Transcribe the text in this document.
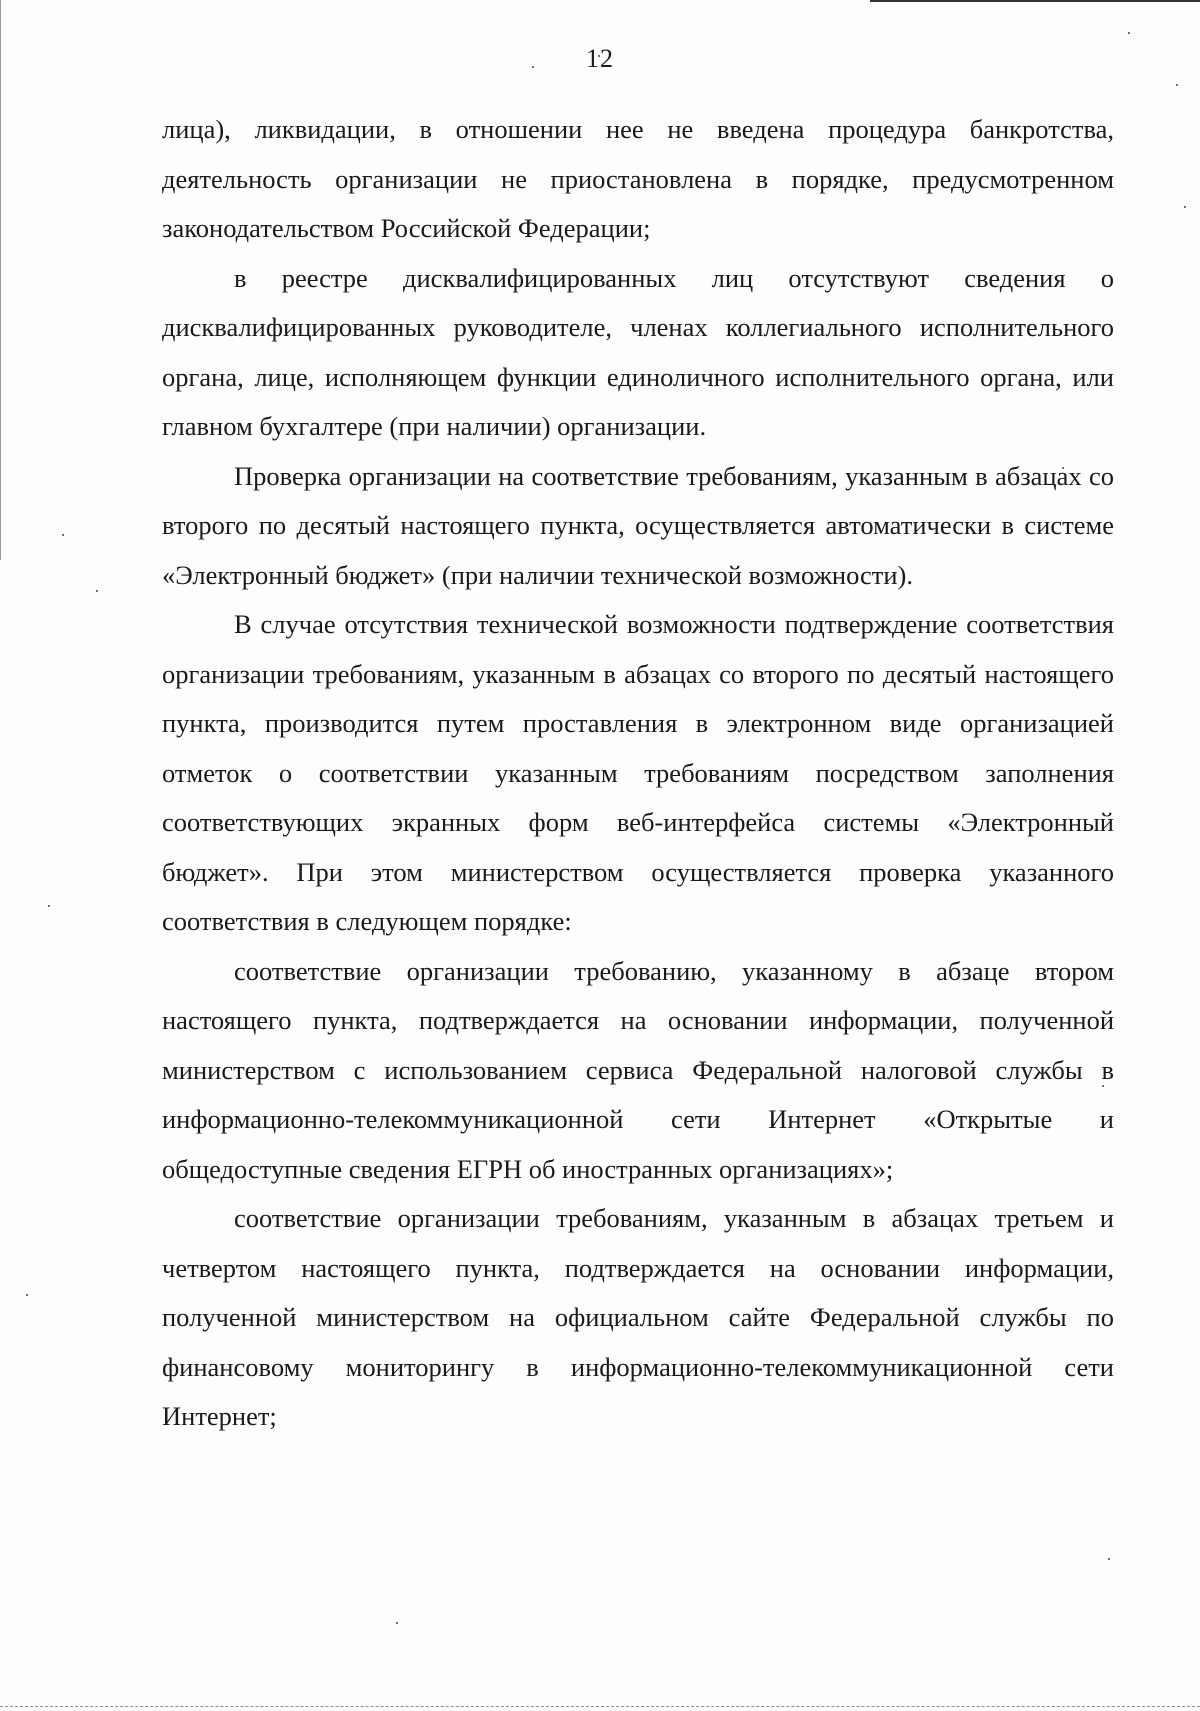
12

лица), ликвидации, в отношении нее не введена процедура банкротства, деятельность организации не приостановлена в порядке, предусмотренном законодательством Российской Федерации;

в реестре дисквалифицированных лиц отсутствуют сведения о дисквалифицированных руководителе, членах коллегиального исполнительного органа, лице, исполняющем функции единоличного исполнительного органа, или главном бухгалтере (при наличии) организации.

Проверка организации на соответствие требованиям, указанным в абзацах со второго по десятый настоящего пункта, осуществляется автоматически в системе «Электронный бюджет» (при наличии технической возможности).

В случае отсутствия технической возможности подтверждение соответствия организации требованиям, указанным в абзацах со второго по десятый настоящего пункта, производится путем проставления в электронном виде организацией отметок о соответствии указанным требованиям посредством заполнения соответствующих экранных форм веб-интерфейса системы «Электронный бюджет». При этом министерством осуществляется проверка указанного соответствия в следующем порядке:

соответствие организации требованию, указанному в абзаце втором настоящего пункта, подтверждается на основании информации, полученной министерством с использованием сервиса Федеральной налоговой службы в информационно-телекоммуникационной сети Интернет «Открытые и общедоступные сведения ЕГРН об иностранных организациях»;

соответствие организации требованиям, указанным в абзацах третьем и четвертом настоящего пункта, подтверждается на основании информации, полученной министерством на официальном сайте Федеральной службы по финансовому мониторингу в информационно-телекоммуникационной сети Интернет;
